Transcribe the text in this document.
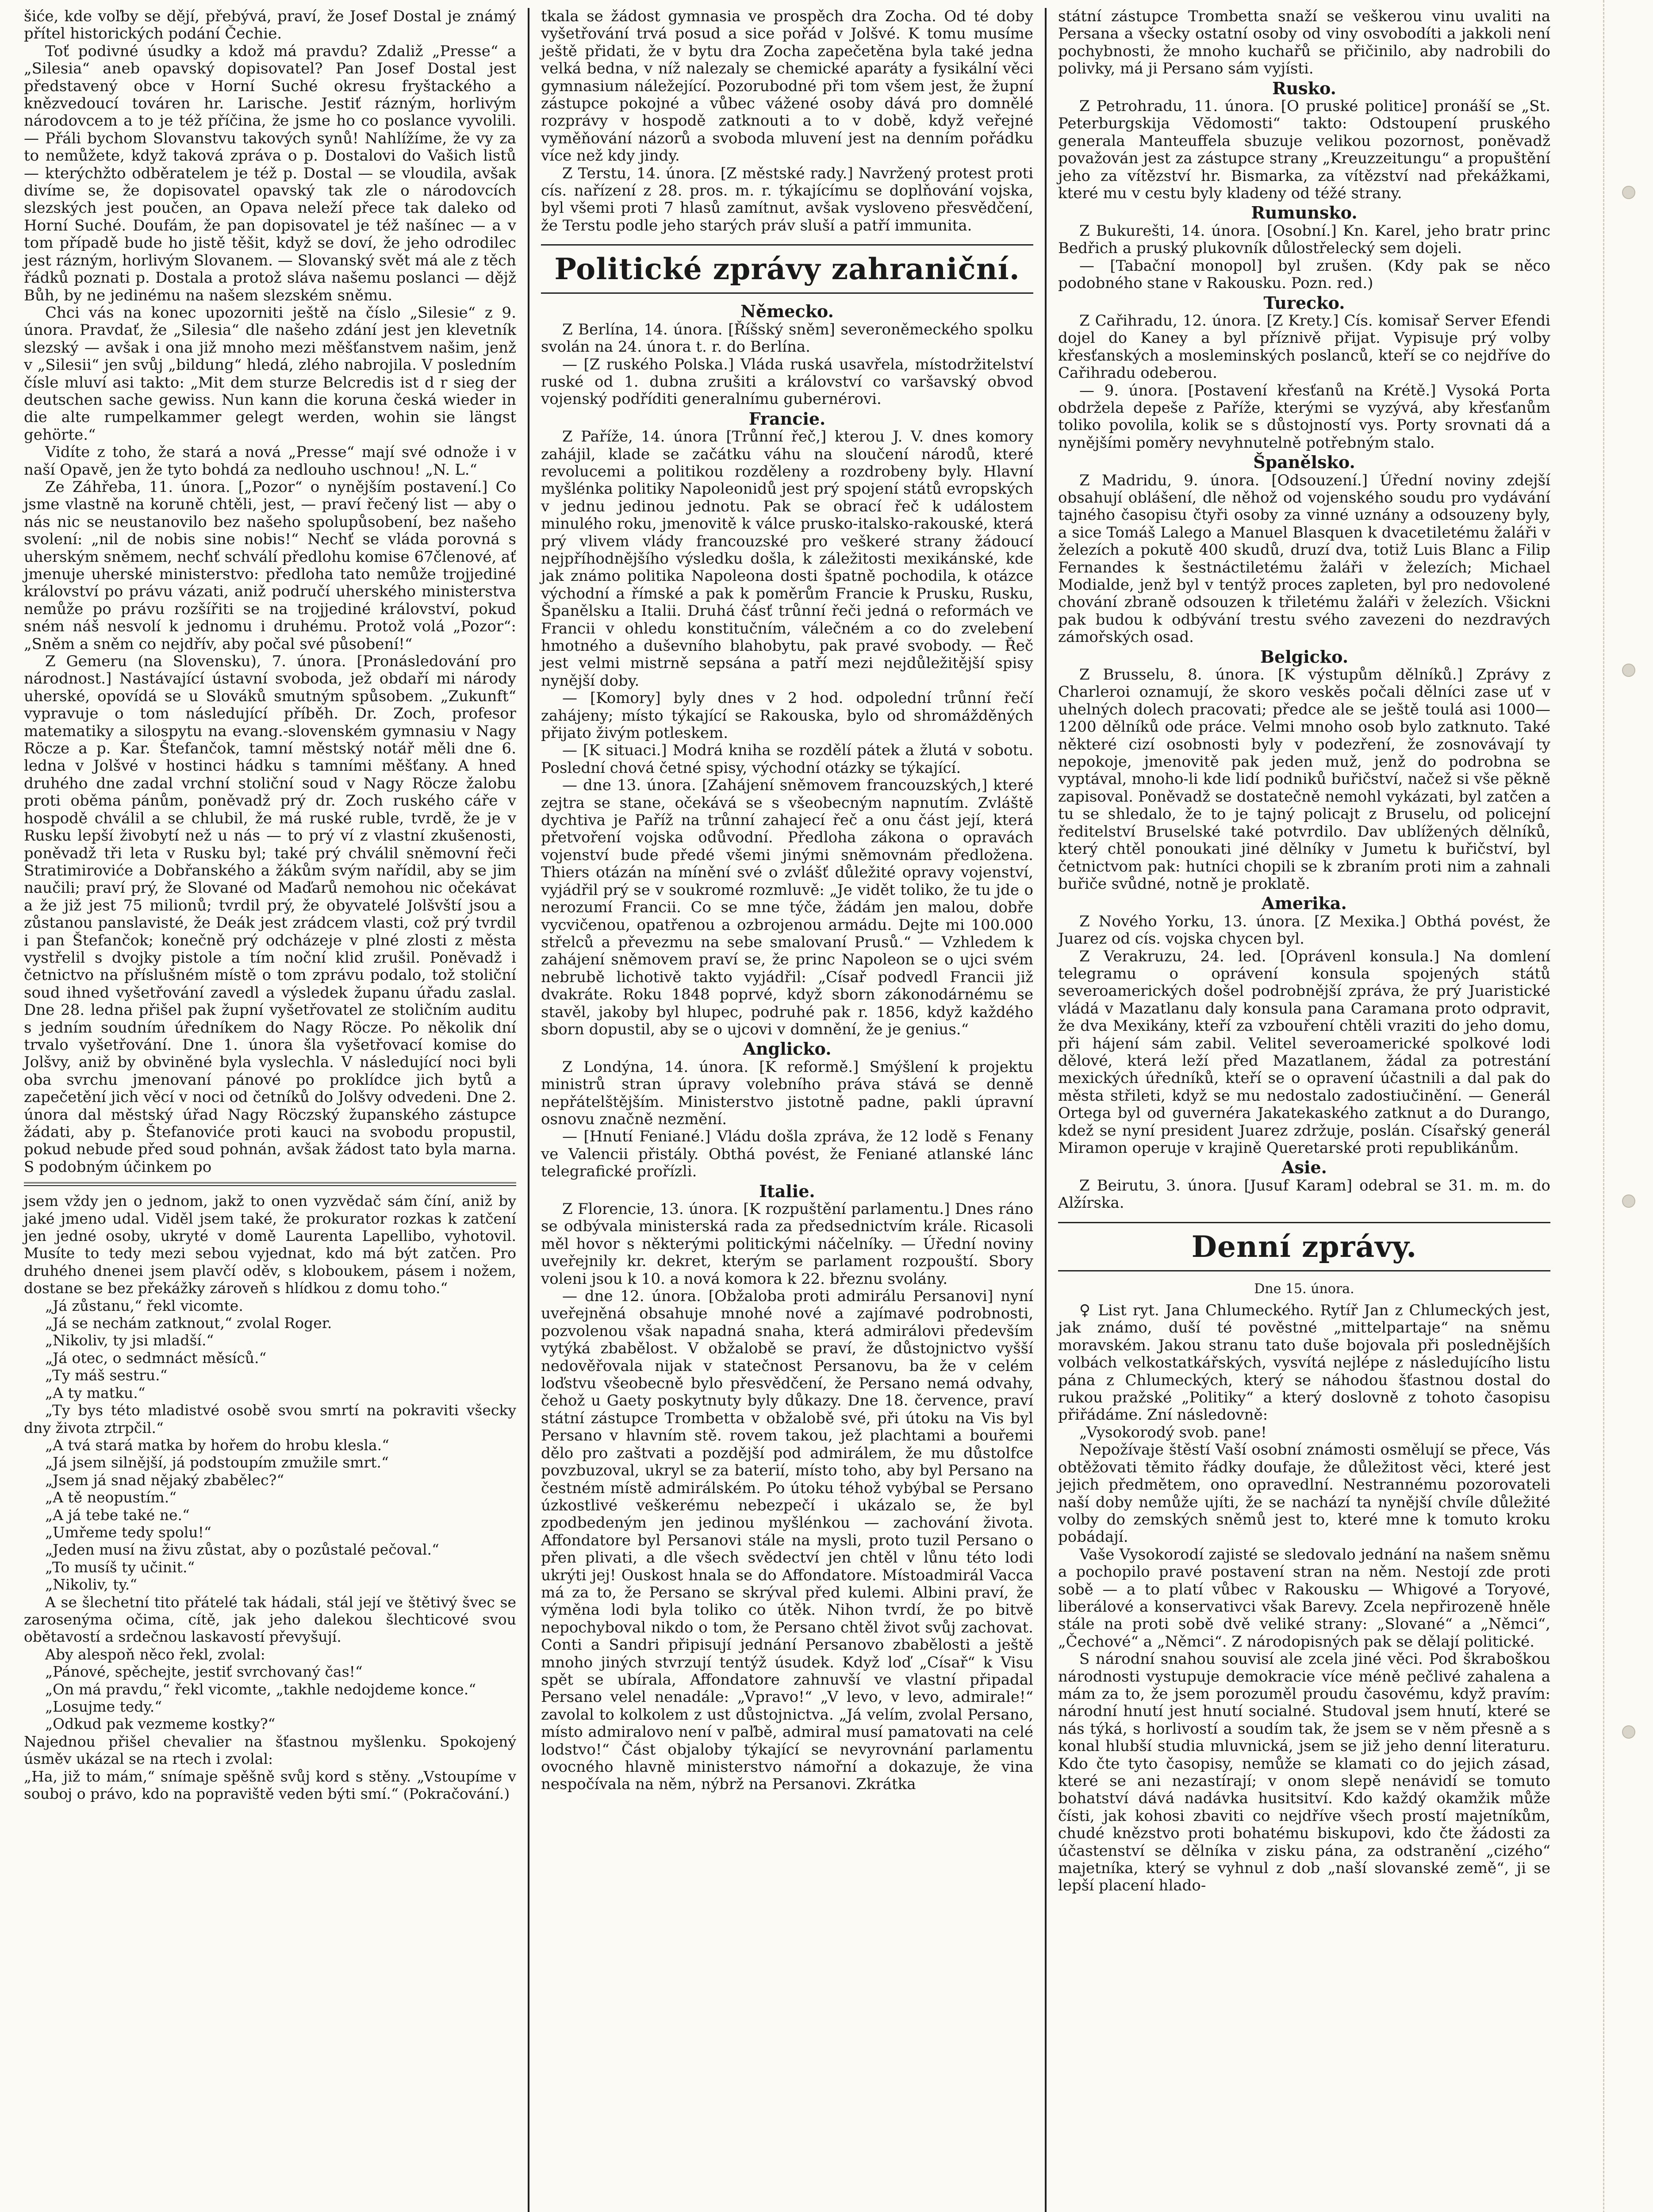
šiće, kde voľby se dějí, přebývá, praví, že Josef Dostal je známý přítel historických podání Čechie.

Toť podivné úsudky a kdož má pravdu? Zdaliž „Presse“ a „Silesia“ aneb opavský dopisovatel? Pan Josef Dostal jest představený obce v Horní Suché okresu fryštackého a knězvedoucí továren hr. Larische. Jestiť rázným, horlivým národovcem a to je též příčina, že jsme ho co poslance vyvolili. — Přáli bychom Slovanstvu takových synů! Nahlížíme, že vy za to nemůžete, když taková zpráva o p. Dostalovi do Vašich listů — kterýchžto odběratelem je též p. Dostal — se vloudila, avšak divíme se, že dopisovatel opavský tak zle o národovcích slezských jest poučen, an Opava neleží přece tak daleko od Horní Suché. Doufám, že pan dopisovatel je též našínec — a v tom případě bude ho jistě těšit, když se doví, že jeho odrodilec jest rázným, horlivým Slovanem. — Slovanský svět má ale z těch řádků poznati p. Dostala a protož sláva našemu poslanci — dějž Bůh, by ne jedinému na našem slezském sněmu.

Chci vás na konec upozorniti ještě na číslo „Silesie“ z 9. února. Pravdať, že „Silesia“ dle našeho zdání jest jen klevetník slezský — avšak i ona již mnoho mezi měšťanstvem našim, jenž v „Silesii“ jen svůj „bildung“ hledá, zlého nabrojila. V posledním čísle mluví asi takto: „Mit dem sturze Belcredis ist d r sieg der deutschen sache gewiss. Nun kann die koruna česká wieder in die alte rumpelkammer gelegt werden, wohin sie längst gehörte.“

Vidíte z toho, že stará a nová „Presse“ mají své odnože i v naší Opavě, jen že tyto bohdá za nedlouho uschnou! „N. L.“

Ze Záhřeba, 11. února. [„Pozor“ o nynějším postavení.] Co jsme vlastně na koruně chtěli, jest, — praví řečený list — aby o nás nic se neustanovilo bez našeho spolupůsobení, bez našeho svolení: „nil de nobis sine nobis!“ Nechť se vláda porovná s uherským sněmem, nechť schválí předlohu komise 67členové, ať jmenuje uherské ministerstvo: předloha tato nemůže trojjediné království po právu vázati, aniž područí uherského ministerstva nemůže po právu rozšířiti se na trojjediné království, pokud sném náš nesvolí k jednomu i druhému. Protož volá „Pozor“: „Sněm a sněm co nejdřív, aby počal své působení!“

Z Gemeru (na Slovensku), 7. února. [Pronásledování pro národnost.] Nastávající ústavní svoboda, jež obdaří mi národy uherské, opovídá se u Slováků smutným spůsobem. „Zukunft“ vypravuje o tom následující příběh. Dr. Zoch, profesor matematiky a silospytu na evang.-slovenském gymnasiu v Nagy Röcze a p. Kar. Štefančok, tamní městský notář měli dne 6. ledna v Jolšvé v hostinci hádku s tamními měšťany. A hned druhého dne zadal vrchní stoliční soud v Nagy Röcze žalobu proti oběma pánům, poněvadž prý dr. Zoch ruského cáře v hospodě chválil a se chlubil, že má ruské ruble, tvrdě, že je v Rusku lepší živobytí než u nás — to prý ví z vlastní zkušenosti, poněvadž tři leta v Rusku byl; také prý chválil sněmovní řeči Stratimiroviće a Dobřanského a žákům svým nařídil, aby se jim naučili; praví prý, že Slované od Maďarů nemohou nic očekávat a že již jest 75 milionů; tvrdil prý, že obyvatelé Jolšvští jsou a zůstanou panslavisté, že Deák jest zrádcem vlasti, což prý tvrdil i pan Štefančok; konečně prý odcházeje v plné zlosti z města vystřelil s dvojky pistole a tím noční klid zrušil. Poněvadž i četnictvo na příslušném místě o tom zprávu podalo, tož stoliční soud ihned vyšetřování zavedl a výsledek županu úřadu zaslal. Dne 28. ledna přišel pak župní vyšetřovatel ze stoličním auditu s jedním soudním úředníkem do Nagy Röcze. Po několik dní trvalo vyšetřování. Dne 1. února šla vyšetřovací komise do Jolšvy, aniž by obviněné byla vyslechla. V následující noci byli oba svrchu jmenovaní pánové po proklídce jich bytů a zapečetění jich věcí v noci od četníků do Jolšvy odvedeni. Dne 2. února dal městský úřad Nagy Röczský županského zástupce žádati, aby p. Štefanoviće proti kauci na svobodu propustil, pokud nebude před soud pohnán, avšak žádost tato byla marna. S podobným účinkem po

jsem vždy jen o jednom, jakž to onen vyzvědač sám číní, aniž by jaké jmeno udal. Viděl jsem také, že prokurator rozkas k zatčení jen jedné osoby, ukryté v domě Laurenta Lapellibo, vyhotovil. Musíte to tedy mezi sebou vyjednat, kdo má být zatčen. Pro druhého dnenei jsem plavčí oděv, s kloboukem, pásem i nožem, dostane se bez překážky zároveň s hlídkou z domu toho.“

„Já zůstanu,“ řekl vicomte.

„Já se nechám zatknout,“ zvolal Roger.

„Nikoliv, ty jsi mladší.“

„Já otec, o sedmnáct měsíců.“

„Ty máš sestru.“

„A ty matku.“

„Ty bys této mladistvé osobě svou smrtí na pokraviti všecky dny života ztrpčil.“

„A tvá stará matka by hořem do hrobu klesla.“

„Já jsem silnější, já podstoupím zmužile smrt.“

„Jsem já snad nějaký zbabělec?“

„A tě neopustím.“

„A já tebe také ne.“

„Umřeme tedy spolu!“

„Jeden musí na živu zůstat, aby o pozůstalé pečoval.“

„To musíš ty učinit.“

„Nikoliv, ty.“

A se šlechetní tito přátelé tak hádali, stál její ve štětivý švec se zarosenýma očima, cítě, jak jeho dalekou šlechticové svou obětavostí a srdečnou laskavostí převyšují.

Aby alespoň něco řekl, zvolal:

„Pánové, spěchejte, jestiť svrchovaný čas!“

„On má pravdu,“ řekl vicomte, „takhle nedojdeme konce.“

„Losujme tedy.“

„Odkud pak vezmeme kostky?“

Najednou přišel chevalier na šťastnou myšlenku. Spokojený úsměv ukázal se na rtech i zvolal:

„Ha, již to mám,“ snímaje spěšně svůj kord s stěny. „Vstoupíme v souboj o právo, kdo na popraviště veden býti smí.“ (Pokračování.)

tkala se žádost gymnasia ve prospěch dra Zocha. Od té doby vyšetřování trvá posud a sice pořád v Jolšvé. K tomu musíme ještě přidati, že v bytu dra Zocha zapečetěna byla také jedna velká bedna, v níž nalezaly se chemické aparáty a fysikální věci gymnasium náležející. Pozorubodné při tom všem jest, že župní zástupce pokojné a vůbec vážené osoby dává pro domnělé rozprávy v hospodě zatknouti a to v době, když veřejné vyměňování názorů a svoboda mluvení jest na denním pořádku více než kdy jindy.

Z Terstu, 14. února. [Z městské rady.] Navržený protest proti cís. nařízení z 28. pros. m. r. týkajícímu se doplňování vojska, byl všemi proti 7 hlasů zamítnut, avšak vysloveno přesvědčení, že Terstu podle jeho starých práv sluší a patří immunita.

Politické zprávy zahraniční.
Německo.

Z Berlína, 14. února. [Říšský sněm] severoněmeckého spolku svolán na 24. února t. r. do Berlína.

— [Z ruského Polska.] Vláda ruská usavřela, místodržitelství ruské od 1. dubna zrušiti a království co varšavský obvod vojenský podříditi generalnímu gubernérovi.

Francie.

Z Paříže, 14. února [Trůnní řeč,] kterou J. V. dnes komory zahájil, klade se začátku váhu na sloučení národů, které revolucemi a politikou rozděleny a rozdrobeny byly. Hlavní myšlénka politiky Napoleonidů jest prý spojení států evropských v jednu jedinou jednotu. Pak se obrací řeč k událostem minulého roku, jmenovitě k válce prusko-italsko-rakouské, která prý vlivem vlády francouzské pro veškeré strany žádoucí nejpříhodnějšího výsledku došla, k záležitosti mexikánské, kde jak známo politika Napoleona dosti špatně pochodila, k otázce východní a římské a pak k poměrům Francie k Prusku, Rusku, Španělsku a Italii. Druhá čásť trůnní řeči jedná o reformách ve Francii v ohledu konstitučním, válečném a co do zvelebení hmotného a duševního blahobytu, pak pravé svobody. — Řeč jest velmi mistrně sepsána a patří mezi nejdůležitější spisy nynější doby.

— [Komory] byly dnes v 2 hod. odpolední trůnní řečí zahájeny; místo týkající se Rakouska, bylo od shromážděných přijato živým potleskem.

— [K situaci.] Modrá kniha se rozdělí pátek a žlutá v sobotu. Poslední chová četné spisy, východní otázky se týkající.

— dne 13. února. [Zahájení sněmovem francouzských,] které zejtra se stane, očekává se s všeobecným napnutím. Zvláště dychtiva je Paříž na trůnní zahajecí řeč a onu část její, která přetvoření vojska odůvodní. Předloha zákona o opravách vojenství bude předé všemi jinými sněmovnám předložena. Thiers otázán na mínění své o zvlášť důležité opravy vojenství, vyjádřil prý se v soukromé rozmluvě: „Je vidět toliko, že tu jde o nerozumí Francii. Co se mne týče, žádám jen malou, dobře vycvičenou, opatřenou a ozbrojenou armádu. Dejte mi 100.000 střelců a převezmu na sebe smalovaní Prusů.“ — Vzhledem k zahájení sněmovem praví se, že princ Napoleon se o ujci svém nebrubě lichotivě takto vyjádřil: „Císař podvedl Francii již dvakráte. Roku 1848 poprvé, když sborn zákonodárnému se stavěl, jakoby byl hlupec, podruhé pak r. 1856, když každého sborn dopustil, aby se o ujcovi v domnění, že je genius.“

Anglicko.

Z Londýna, 14. února. [K reformě.] Smýšlení k projektu ministrů stran úpravy volebního práva stává se denně nepřátelštějším. Ministerstvo jistotně padne, pakli úpravní osnovu značně nezmění.

— [Hnutí Feniané.] Vládu došla zpráva, že 12 lodě s Fenany ve Valencii přistály. Obthá povést, že Feniané atlanské lánc telegrafické prořízli.

Italie.

Z Florencie, 13. února. [K rozpuštění parlamentu.] Dnes ráno se odbývala ministerská rada za předsednictvím krále. Ricasoli měl hovor s některými politickými náčelníky. — Úřední noviny uveřejnily kr. dekret, kterým se parlament rozpouští. Sbory voleni jsou k 10. a nová komora k 22. březnu svolány.

— dne 12. února. [Obžaloba proti admirálu Persanovi] nyní uveřejněná obsahuje mnohé nové a zajímavé podrobnosti, pozvolenou však napadná snaha, která admirálovi především vytýká zbabělost. V obžalobě se praví, že důstojnictvo vyšší nedověřovala nijak v statečnost Persanovu, ba že v celém loďstvu všeobecně bylo přesvědčení, že Persano nemá odvahy, čehož u Gaety poskytnuty byly důkazy. Dne 18. července, praví státní zástupce Trombetta v obžalobě své, při útoku na Vis byl Persano v hlavním stě. rovem takou, jež plachtami a bouřemi dělo pro zaštvati a pozdější pod admirálem, že mu důstolfce povzbuzoval, ukryl se za baterií, místo toho, aby byl Persano na čestném místě admirálském. Po útoku téhož vybýbal se Persano úzkostlivé veškerému nebezpečí i ukázalo se, že byl zpodbedeným jen jedinou myšlénkou — zachování života. Affondatore byl Persanovi stále na mysli, proto tuzil Persano o přen plivati, a dle všech svědectví jen chtěl v lůnu této lodi ukrýti jej! Ouskost hnala se do Affondatore. Místoadmirál Vacca má za to, že Persano se skrýval před kulemi. Albini praví, že výměna lodi byla toliko co útěk. Nihon tvrdí, že po bitvě nepochyboval nikdo o tom, že Persano chtěl život svůj zachovat. Conti a Sandri připisují jednání Persanovo zbabělosti a ještě mnoho jiných stvrzují tentýž úsudek. Když loď „Císař“ k Visu spět se ubírala, Affondatore zahnuvší ve vlastní připadal Persano velel nenadále: „Vpravo!“ „V levo, v levo, admirale!“ zavolal to kolkolem z ust důstojnictva. „Já velím, zvolal Persano, místo admiralovo není v paľbě, admiral musí pamatovati na celé lodstvo!“ Část objaloby týkající se nevyrovnání parlamentu ovocného hlavně ministerstvo námořní a dokazuje, že vina nespočívala na něm, nýbrž na Persanovi. Zkrátka

státní zástupce Trombetta snaží se veškerou vinu uvaliti na Persana a všecky ostatní osoby od viny osvobodíti a jakkoli není pochybnosti, že mnoho kuchařů se přičinilo, aby nadrobili do polivky, má ji Persano sám vyjísti.

Rusko.

Z Petrohradu, 11. února. [O pruské politice] pronáší se „St. Peterburgskija Vĕdomosti“ takto: Odstoupení pruského generala Manteuffela sbuzuje velikou pozornost, poněvadž považován jest za zástupce strany „Kreuzzeitungu“ a propuštění jeho za vítězství hr. Bismarka, za vítězství nad překážkami, které mu v cestu byly kladeny od téžé strany.

Rumunsko.

Z Bukurešti, 14. února. [Osobní.] Kn. Karel, jeho bratr princ Bedřich a pruský plukovník důlostřelecký sem dojeli.

— [Tabační monopol] byl zrušen. (Kdy pak se něco podobného stane v Rakousku. Pozn. red.)

Turecko.

Z Cařihradu, 12. února. [Z Krety.] Cís. komisař Server Efendi dojel do Kaney a byl příznivě přijat. Vypisuje prý volby křesťanských a mosleminských poslanců, kteří se co nejdříve do Cařihradu odeberou.

— 9. února. [Postavení křesťanů na Krétě.] Vysoká Porta obdržela depeše z Paříže, kterými se vyzývá, aby křesťanům toliko povolila, kolik se s důstojností vys. Porty srovnati dá a nynějšími poměry nevyhnutelně potřebným stalo.

Španělsko.

Z Madridu, 9. února. [Odsouzení.] Úřední noviny zdejší obsahují oblášení, dle něhož od vojenského soudu pro vydávání tajného časopisu čtyři osoby za vinné uznány a odsouzeny byly, a sice Tomáš Lalego a Manuel Blasquen k dvacetiletému žaláři v železích a pokutě 400 skudů, druzí dva, totiž Luis Blanc a Filip Fernandes k šestnáctiletému žaláři v železích; Michael Modialde, jenž byl v tentýž proces zapleten, byl pro nedovolené chování zbraně odsouzen k třiletému žaláři v železích. Všickni pak budou k odbývání trestu svého zavezeni do nezdravých zámořských osad.

Belgicko.

Z Brusselu, 8. února. [K výstupům dělníků.] Zprávy z Charleroi oznamují, že skoro veskěs počali dělníci zase uť v uhelných dolech pracovati; předce ale se ještě toulá asi 1000—1200 dělníků ode práce. Velmi mnoho osob bylo zatknuto. Také některé cizí osobnosti byly v podezření, že zosnovávají ty nepokoje, jmenovitě pak jeden muž, jenž do podrobna se vyptával, mnoho-li kde lidí podniků buřičství, načež si vše pěkně zapisoval. Poněvadž se dostatečně nemohl vykázati, byl zatčen a tu se shledalo, že to je tajný policajt z Bruselu, od policejní ředitelství Bruselské také potvrdilo. Dav ublížených dělníků, který chtěl ponoukati jiné dělníky v Jumetu k buřičství, byl četnictvom pak: hutníci chopili se k zbraním proti nim a zahnali buřiče svůdné, notně je proklatě.

Amerika.

Z Nového Yorku, 13. února. [Z Mexika.] Obthá povést, že Juarez od cís. vojska chycen byl.

Z Verakruzu, 24. led. [Oprávenl konsula.] Na domlení telegramu o oprávení konsula spojených států severoamerických došel podrobnější zpráva, že prý Juaristické vládá v Mazatlanu daly konsula pana Caramana proto odpravit, že dva Mexikány, kteří za vzbouření chtěli vraziti do jeho domu, při hájení sám zabil. Velitel severoamerické spolkové lodi dělové, která leží před Mazatlanem, žádal za potrestání mexických úředníků, kteří se o opravení účastnili a dal pak do města střileti, když se mu nedostalo zadostiučinění. — Generál Ortega byl od guvernéra Jakatekaského zatknut a do Durango, kdež se nyní president Juarez zdržuje, poslán. Císařský generál Miramon operuje v krajině Queretarské proti republikánům.

Asie.

Z Beirutu, 3. února. [Jusuf Karam] odebral se 31. m. m. do Alžírska.

Denní zprávy.
Dne 15. února.

♀ List ryt. Jana Chlumeckého. Rytíř Jan z Chlumeckých jest, jak známo, duší té pověstné „mittelpartaje“ na sněmu moravském. Jakou stranu tato duše bojovala při poslednějších volbách velkostatkářských, vysvítá nejlépe z následujícího listu pána z Chlumeckých, který se náhodou šťastnou dostal do rukou pražské „Politiky“ a který doslovně z tohoto časopisu přiřádáme. Zní následovně:

„Vysokorodý svob. pane!

Nepožívaje štěstí Vaší osobní známosti osmělují se přece, Vás obtěžovati těmito řádky doufaje, že důležitost věci, které jest jejich předmětem, ono opravedlní. Nestrannému pozorovateli naší doby nemůže ujíti, že se nachází ta nynější chvíle důležité volby do zemských sněmů jest to, které mne k tomuto kroku pobádají.

Vaše Vysokorodí zajisté se sledovalo jednání na našem sněmu a pochopilo pravé postavení stran na něm. Nestojí zde proti sobě — a to platí vůbec v Rakousku — Whigové a Toryové, liberálové a konservativci však Barevy. Zcela nepřirozeně hněle stále na proti sobě dvě veliké strany: „Slované“ a „Němci“, „Čechové“ a „Němci“. Z národopisných pak se dělají politické.

S národní snahou souvisí ale zcela jiné věci. Pod škraboškou národnosti vystupuje demokracie více méně pečlivé zahalena a mám za to, že jsem porozuměl proudu časovému, když pravím: národní hnutí jest hnutí socialné. Studoval jsem hnutí, které se nás týká, s horlivostí a soudím tak, že jsem se v něm přesně a s konal hlubší studia mluvnická, jsem se již jeho denní literaturu. Kdo čte tyto časopisy, nemůže se klamati co do jejich zásad, které se ani nezastírají; v onom slepě nenávidí se tomuto bohatství dává nadávka husitsitví. Kdo každý okamžik může čísti, jak kohosi zbaviti co nejdříve všech prostí majetníkům, chudé knězstvo proti bohatému biskupovi, kdo čte žádosti za účastenství se dělníka v zisku pána, za odstranění „cizého“ majetníka, který se vyhnul z dob „naší slovanské země“, ji se lepší placení hlado-
